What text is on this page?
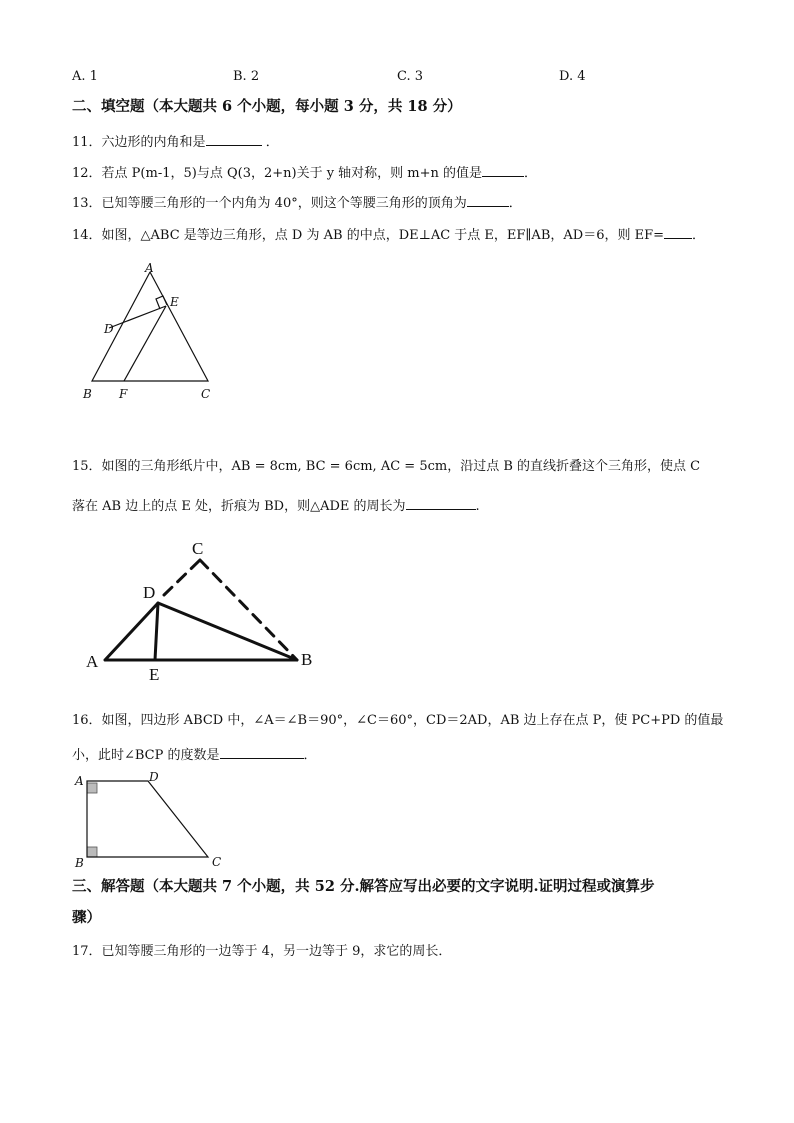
A. 1	B. 2	C. 3	D. 4
二、填空题（本大题共 6 个小题，每小题 3 分，共 18 分）
11．六边形的内角和是	．
12．若点 P(m-1，5)与点 Q(3，2+n)关于 y 轴对称，则 m+n 的值是	．
13．已知等腰三角形的一个内角为 40°，则这个等腰三角形的顶角为	．
14．如图，△ABC 是等边三角形，点 D 为 AB 的中点，DE⊥AC 于点 E，EF∥AB，AD＝6，则 EF= ．
A
B	C
D
E
F
15．如图的三角形纸片中，AB = 8cm, BC = 6cm, AC = 5cm，沿过点 B 的直线折叠这个三角形，使点 C
落在 AB 边上的点 E 处，折痕为 BD，则△ADE 的周长为	.
A	B
C
D
E
16．如图，四边形 ABCD 中，∠A＝∠B＝90°，∠C＝60°，CD＝2AD，AB 边上存在点 P，使 PC+PD 的值最
小，此时∠BCP 的度数是	．
A
B	C
D
三、解答题（本大题共 7 个小题，共 52 分.解答应写出必要的文字说明.证明过程或演算步
骤）
17．已知等腰三角形的一边等于 4，另一边等于 9，求它的周长．
